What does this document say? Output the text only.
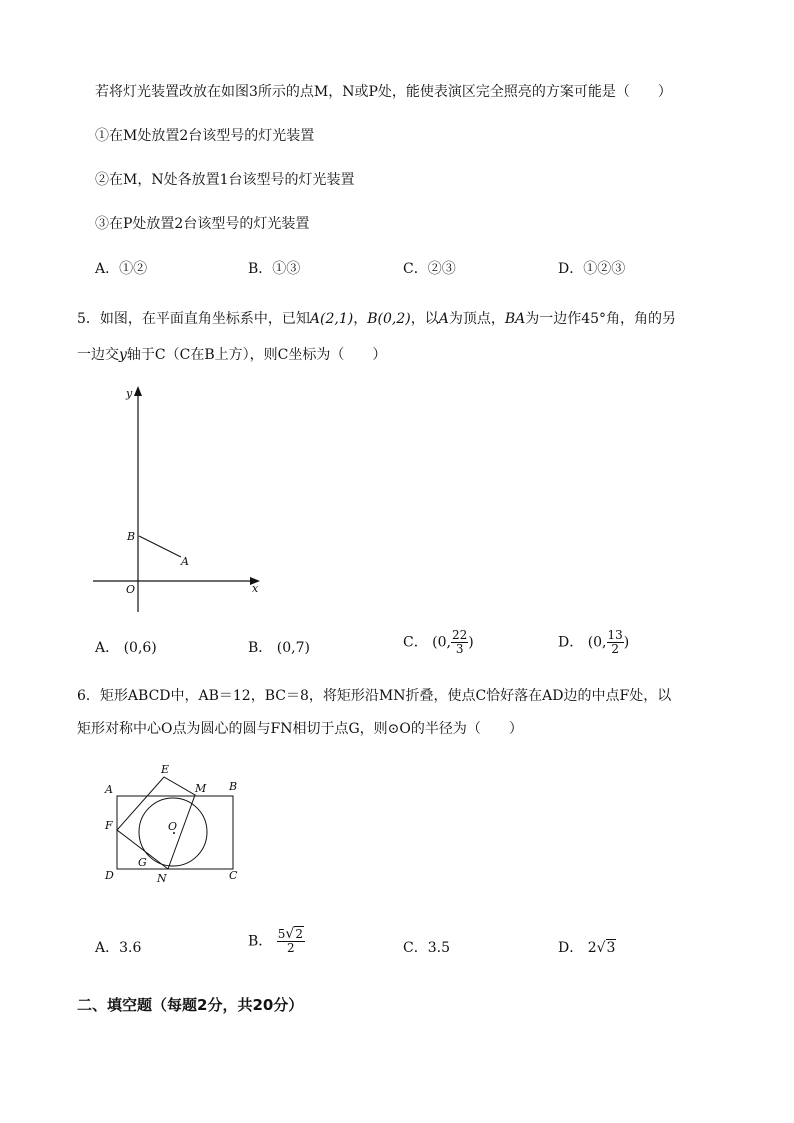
若将灯光装置改放在如图3所示的点M，N或P处，能使表演区完全照亮的方案可能是（　　）
①在M处放置2台该型号的灯光装置
②在M，N处各放置1台该型号的灯光装置
③在P处放置2台该型号的灯光装置
A．①②	B．①③	C．②③	D．①②③
5．如图，在平面直角坐标系中，已知A(2,1)，B(0,2)，以A为顶点，BA为一边作45°角，角的另
一边交y轴于C（C在B上方），则C坐标为（　　）
y
x
O
B
A
A． (0,6)	B． (0,7)	C． (0, $\frac{22}{3}$ )	D． (0, $\frac{13}{2}$ )
6．矩形ABCD中，AB＝12，BC＝8，将矩形沿MN折叠，使点C恰好落在AD边的中点F处，以
矩形对称中心O点为圆心的圆与FN相切于点G，则⊙O的半径为（　　）
A	B
C
D
E
M
F	O
G
N
A．3.6	B． $\frac{5√2}{2}$	C．3.5	D． 2√3
二、填空题（每题2分，共20分）
